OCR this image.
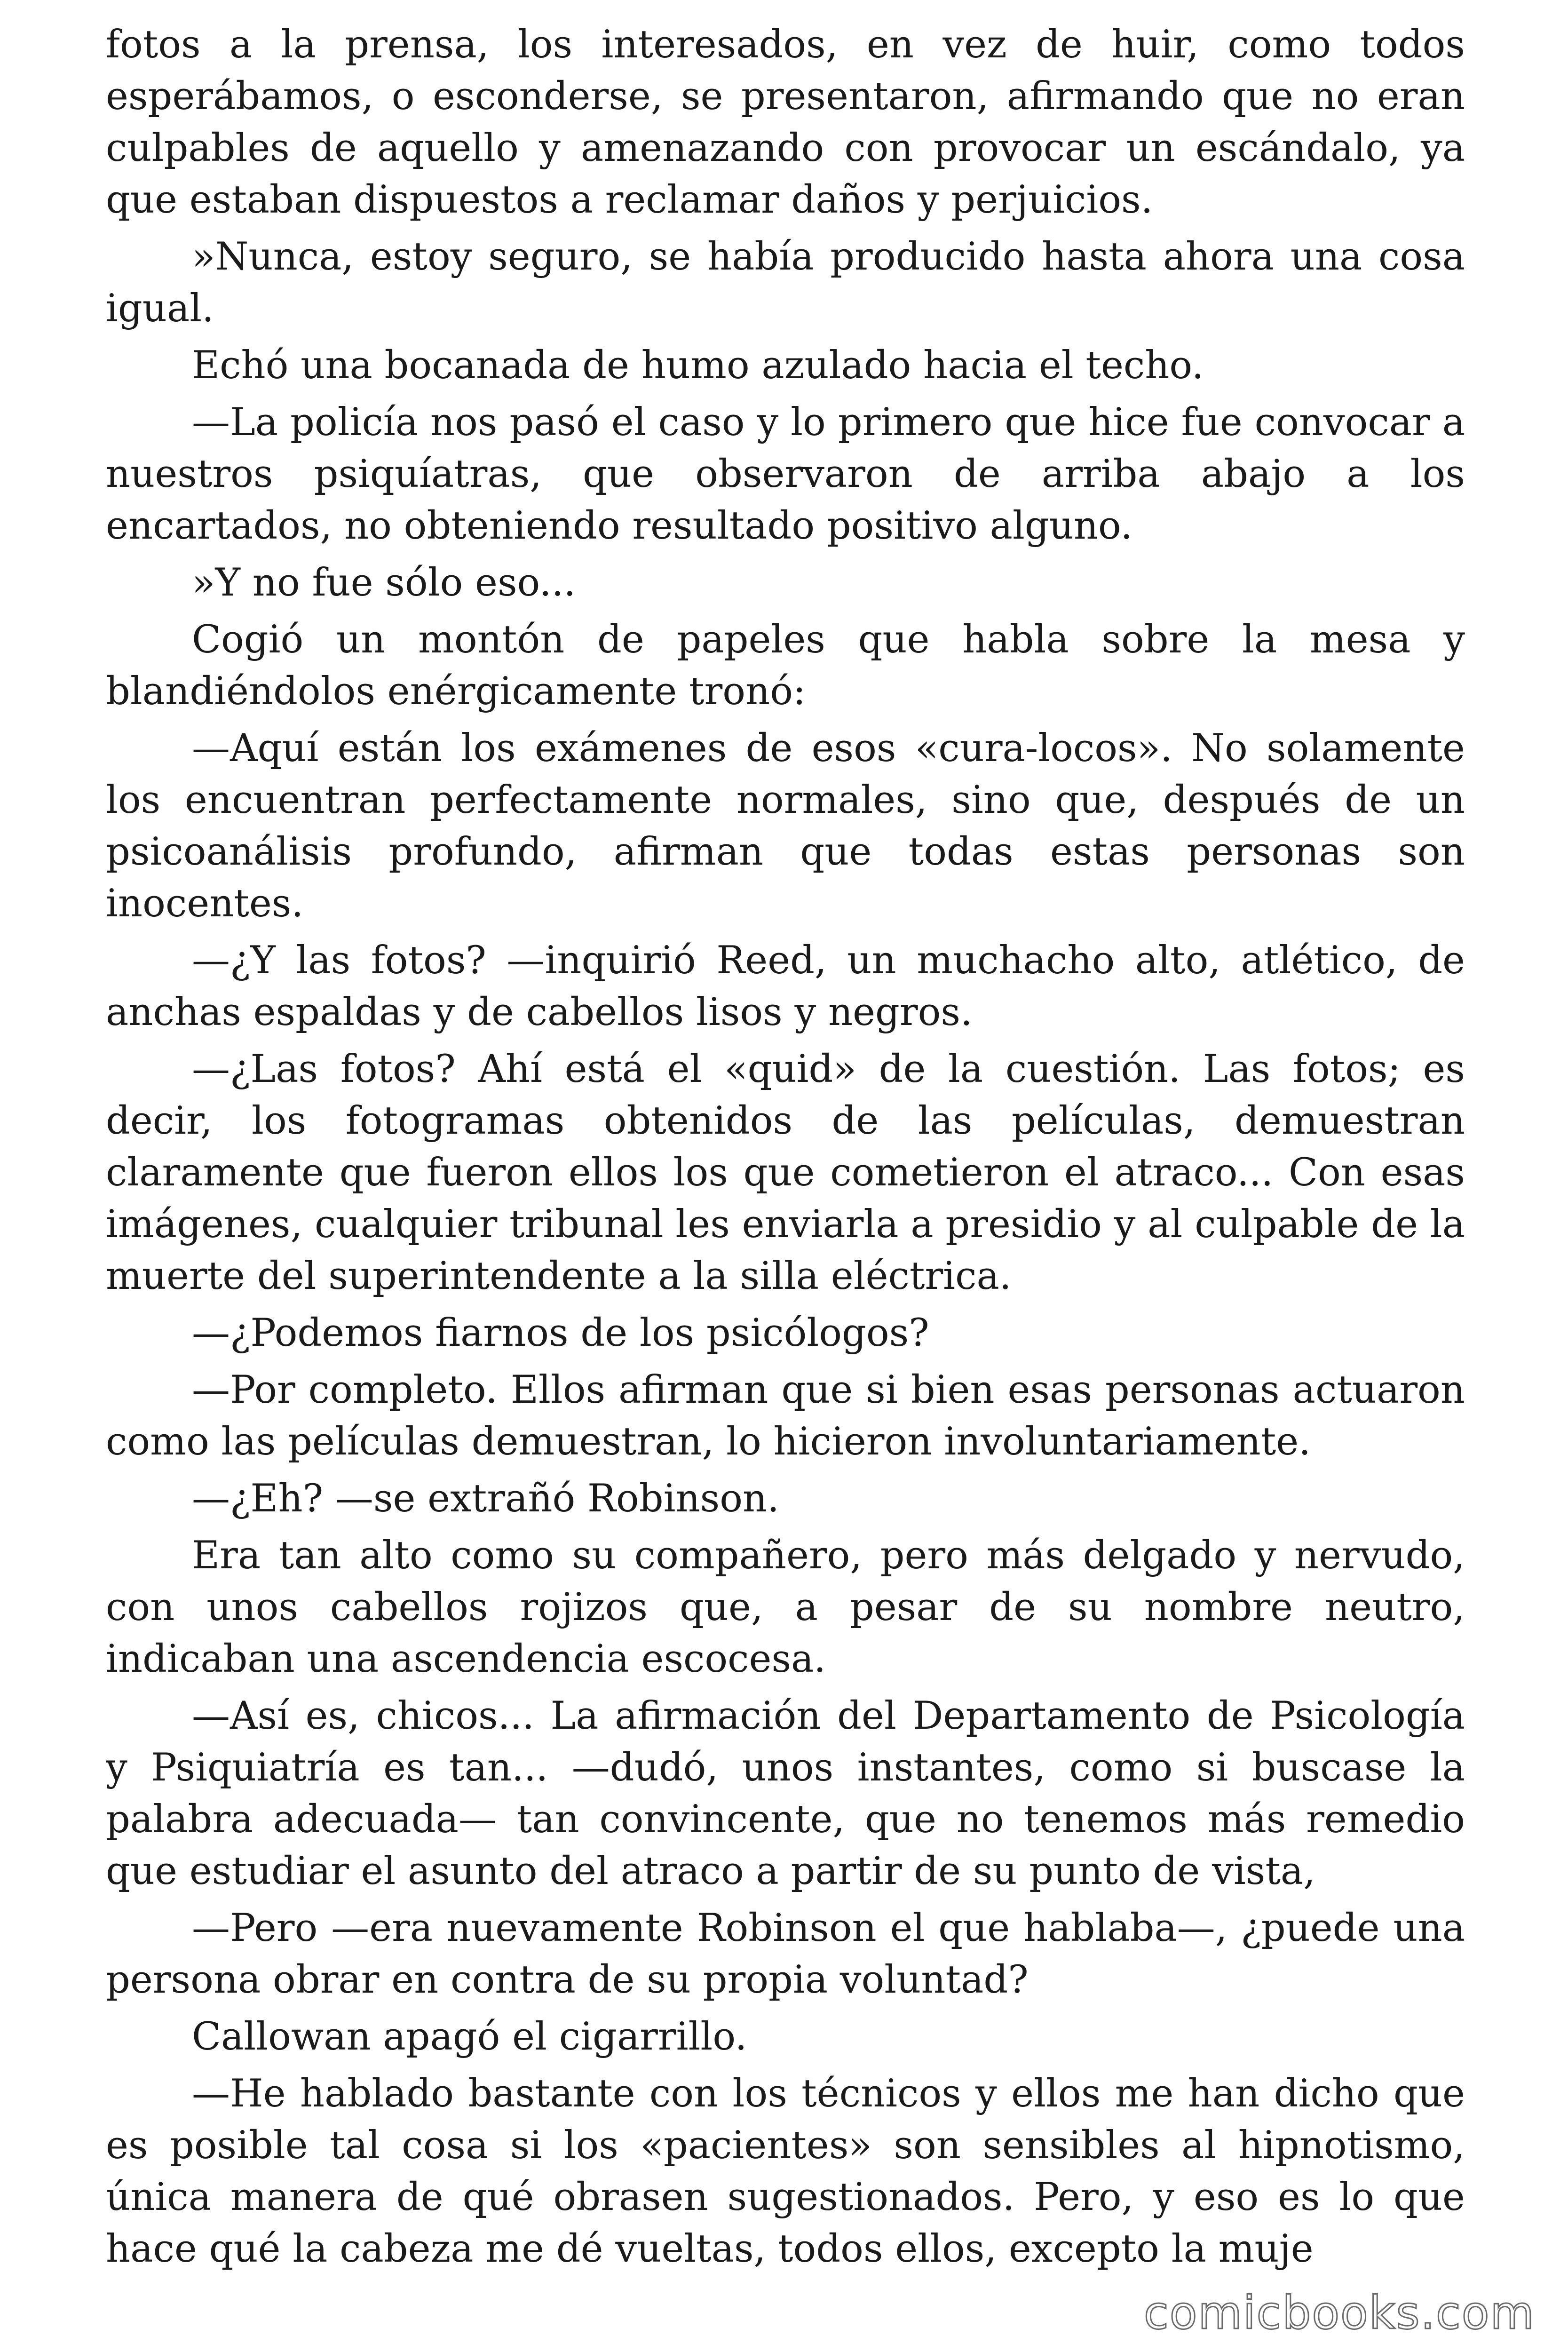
fotos a la prensa, los interesados, en vez de huir, como todos esperábamos, o esconderse, se presentaron, afirmando que no eran culpables de aquello y amenazando con provocar un escándalo, ya que estaban dispuestos a reclamar daños y perjuicios.

»Nunca, estoy seguro, se había producido hasta ahora una cosa igual.

Echó una bocanada de humo azulado hacia el techo.

—La policía nos pasó el caso y lo primero que hice fue convocar a nuestros psiquíatras, que observaron de arriba abajo a los encartados, no obteniendo resultado positivo alguno.

»Y no fue sólo eso...

Cogió un montón de papeles que habla sobre la mesa y blandiéndolos enérgicamente tronó:

—Aquí están los exámenes de esos «cura-locos». No solamente los encuentran perfectamente normales, sino que, después de un psicoanálisis profundo, afirman que todas estas personas son inocentes.

—¿Y las fotos? —inquirió Reed, un muchacho alto, atlético, de anchas espaldas y de cabellos lisos y negros.

—¿Las fotos? Ahí está el «quid» de la cuestión. Las fotos; es decir, los fotogramas obtenidos de las películas, demuestran claramente que fueron ellos los que cometieron el atraco... Con esas imágenes, cualquier tribunal les enviarla a presidio y al culpable de la muerte del superintendente a la silla eléctrica.

—¿Podemos fiarnos de los psicólogos?

—Por completo. Ellos afirman que si bien esas personas actuaron como las películas demuestran, lo hicieron involuntariamente.

—¿Eh? —se extrañó Robinson.

Era tan alto como su compañero, pero más delgado y nervudo, con unos cabellos rojizos que, a pesar de su nombre neutro, indicaban una ascendencia escocesa.

—Así es, chicos... La afirmación del Departamento de Psicología y Psiquiatría es tan... —dudó, unos instantes, como si buscase la palabra adecuada— tan convincente, que no tenemos más remedio que estudiar el asunto del atraco a partir de su punto de vista,

—Pero —era nuevamente Robinson el que hablaba—, ¿puede una persona obrar en contra de su propia voluntad?

Callowan apagó el cigarrillo.

—He hablado bastante con los técnicos y ellos me han dicho que es posible tal cosa si los «pacientes» son sensibles al hipnotismo, única manera de qué obrasen sugestionados. Pero, y eso es lo que hace qué la cabeza me dé vueltas, todos ellos, excepto la muje

comicbooks.com
